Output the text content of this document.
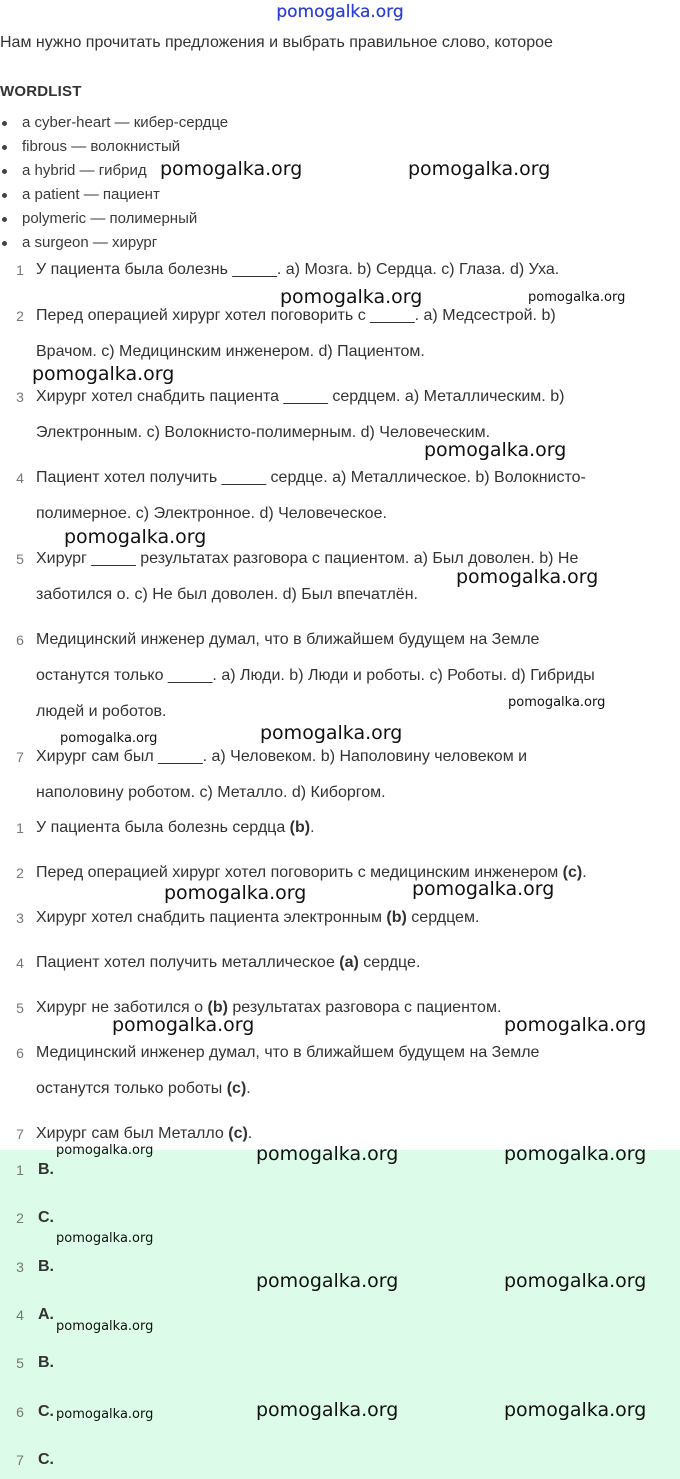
pomogalka.org
Нам нужно прочитать предложения и выбрать правильное слово, которое
WORDLIST
a cyber-heart — кибер-сердце
fibrous — волокнистый
a hybrid — гибрид
a patient — пациент
polymeric — полимерный
a surgeon — хирург
1 У пациента была болезнь _____. a) Мозга. b) Сердца. c) Глаза. d) Уха.
2 Перед операцией хирург хотел поговорить с _____. a) Медсестрой. b)
Врачом. c) Медицинским инженером. d) Пациентом.
3 Хирург хотел снабдить пациента _____ сердцем. a) Металлическим. b)
Электронным. c) Волокнисто-полимерным. d) Человеческим.
4 Пациент хотел получить _____ сердце. a) Металлическое. b) Волокнисто-
полимерное. c) Электронное. d) Человеческое.
5 Хирург _____ результатах разговора с пациентом. a) Был доволен. b) Не
заботился о. c) Не был доволен. d) Был впечатлён.
6 Медицинский инженер думал, что в ближайшем будущем на Земле
останутся только _____. a) Люди. b) Люди и роботы. c) Роботы. d) Гибриды
людей и роботов.
7 Хирург сам был _____. a) Человеком. b) Наполовину человеком и
наполовину роботом. c) Металло. d) Киборгом.
1 У пациента была болезнь сердца (b).
2 Перед операцией хирург хотел поговорить с медицинским инженером (c).
3 Хирург хотел снабдить пациента электронным (b) сердцем.
4 Пациент хотел получить металлическое (a) сердце.
5 Хирург не заботился о (b) результатах разговора с пациентом.
6 Медицинский инженер думал, что в ближайшем будущем на Земле
останутся только роботы (c).
7 Хирург сам был Металло (c).
1 B.
2 C.
3 B.
4 A.
5 B.
6 C.
7 C.
pomogalka.org	pomogalka.org
pomogalka.org	pomogalka.org
pomogalka.org
pomogalka.org
pomogalka.org
pomogalka.org
pomogalka.org
pomogalka.org
pomogalka.org
pomogalka.org	pomogalka.org
pomogalka.org	pomogalka.org
pomogalka.org	pomogalka.org	pomogalka.org
pomogalka.org
pomogalka.org	pomogalka.org
pomogalka.org
pomogalka.org	pomogalka.org	pomogalka.org
